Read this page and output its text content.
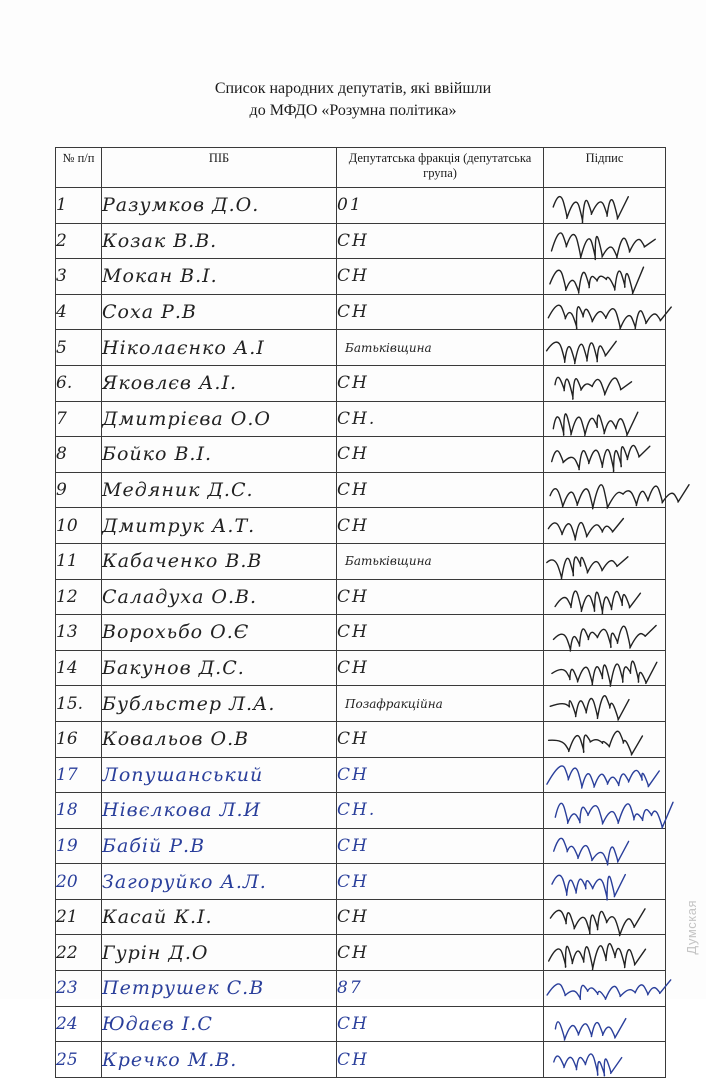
Список народних депутатів, які ввійшли
до МФДО «Розумна політика»
№ п/п	ПІБ	Депутатська фракція (депутатська група)	Підпис
1	Разумков Д.О.	01	

2	Козак В.В.	СН	

3	Мокан В.І.	СН	

4	Соха Р.В	СН	

5	Ніколаєнко А.І	Батьківщина	

6.	Яковлєв А.І.	СН	

7	Дмитрієва О.О	СН.	

8	Бойко В.І.	СН	

9	Медяник Д.С.	СН	

10	Дмитрук А.Т.	СН	

11	Кабаченко В.В	Батьківщина	

12	Саладуха О.В.	СН	

13	Ворохьбо О.Є	СН	

14	Бакунов Д.С.	СН	

15.	Бубльстер Л.А.	Позафракційна	

16	Ковальов О.В	СН	

17	Лопушанський	СН	

18	Нівєлкова Л.И	СН.	

19	Бабій Р.В	СН	

20	Загоруйко А.Л.	СН	

21	Касай К.І.	СН	

22	Гурін Д.О	СН	

23	Петрушек С.В	87	

24	Юдаєв І.С	СН	

25	Кречко М.В.	СН	
Думская
